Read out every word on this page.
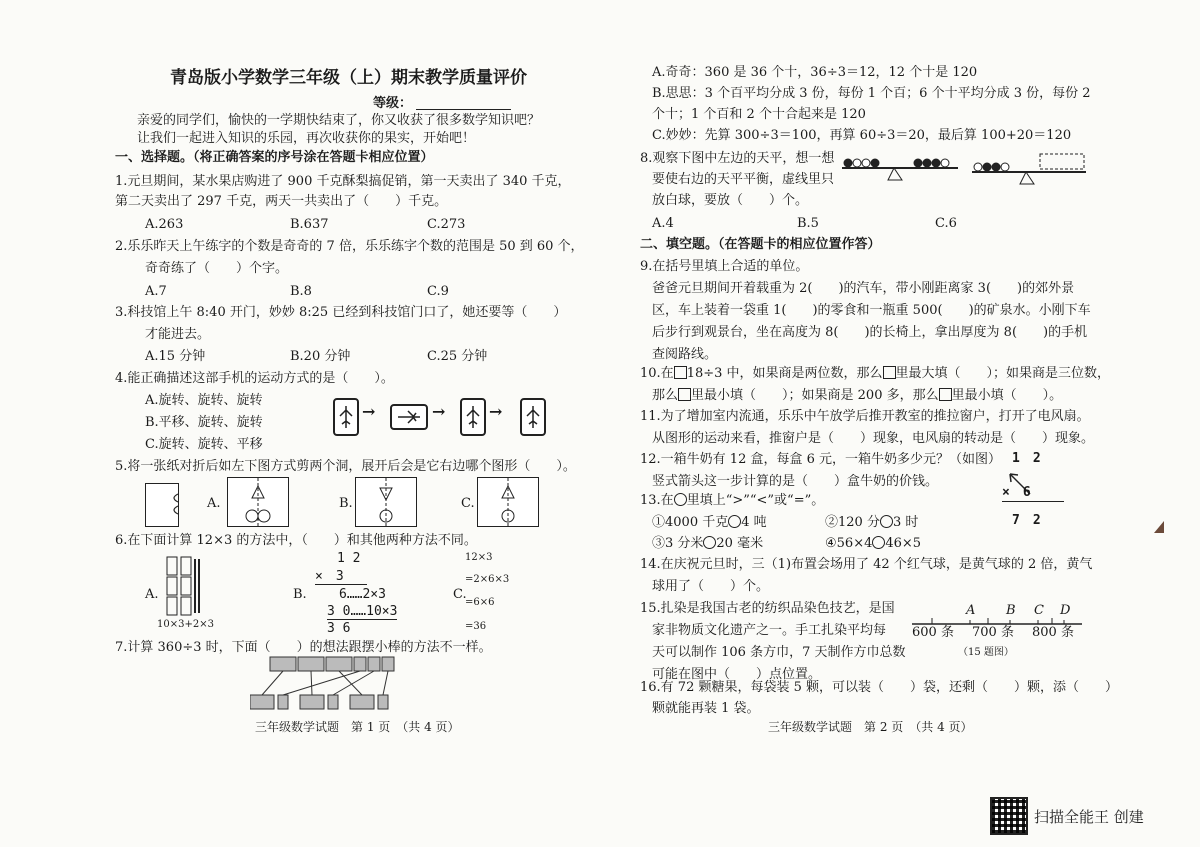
青岛版小学数学三年级（上）期末教学质量评价
等级：
亲爱的同学们，愉快的一学期快结束了，你又收获了很多数学知识吧？
让我们一起进入知识的乐园，再次收获你的果实，开始吧！
一、选择题。（将正确答案的序号涂在答题卡相应位置）
1.元旦期间，某水果店购进了 900 千克酥梨搞促销，第一天卖出了 340 千克，
第二天卖出了 297 千克，两天一共卖出了（　　）千克。
A.263	B.637	C.273
2.乐乐昨天上午练字的个数是奇奇的 7 倍，乐乐练字个数的范围是 50 到 60 个，
奇奇练了（　　）个字。
A.7	B.8	C.9
3.科技馆上午 8:40 开门，妙妙 8:25 已经到科技馆门口了，她还要等（　　）
才能进去。
A.15 分钟	B.20 分钟	C.25 分钟
4.能正确描述这部手机的运动方式的是（　　）。
A.旋转、旋转、旋转
B.平移、旋转、旋转
C.旋转、旋转、平移
→	→	→
5.将一张纸对折后如左下图方式剪两个洞，展开后会是它右边哪个图形（　　）。
A.	B.	C.
6.在下面计算 12×3 的方法中，（　　）和其他两种方法不同。
A.
10×3+2×3
B.
1 2
×　3
6……2×3
3 0……10×3
3 6
C.
12×3
=2×6×3
=6×6
=36
7.计算 360÷3 时，下面（　　）的想法跟摆小棒的方法不一样。
三年级数学试题　第 1 页　（共 4 页）
A.奇奇：360 是 36 个十，36÷3＝12，12 个十是 120
B.思思：3 个百平均分成 3 份，每份 1 个百；6 个十平均分成 3 份，每份 2
个十；1 个百和 2 个十合起来是 120
C.妙妙：先算 300÷3＝100，再算 60÷3＝20，最后算 100+20＝120
8.观察下图中左边的天平，想一想
要使右边的天平平衡，虚线里只
放白球，要放（　　）个。
A.4	B.5	C.6
二、填空题。（在答题卡的相应位置作答）
9.在括号里填上合适的单位。
爸爸元旦期间开着载重为 2(　　)的汽车，带小刚距离家 3(　　)的郊外景
区，车上装着一袋重 1(　　)的零食和一瓶重 500(　　)的矿泉水。小刚下车
后步行到观景台，坐在高度为 8(　　)的长椅上，拿出厚度为 8(　　)的手机
查阅路线。
10.在 18÷3 中，如果商是两位数，那么 里最大填（　　）；如果商是三位数，
那么 里最小填（　　）；如果商是 200 多，那么 里最小填（　　）。
11.为了增加室内流通，乐乐中午放学后推开教室的推拉窗户，打开了电风扇。
从图形的运动来看，推窗户是（　　）现象，电风扇的转动是（　　）现象。
12.一箱牛奶有 12 盒，每盒 6 元，一箱牛奶多少元？（如图）
竖式箭头这一步计算的是（　　）盒牛奶的价钱。
1　2
×　6
7　2
13.在 里填上“>”“<”或“=”。
①4000 千克 4 吨	②120 分 3 时
③3 分米 20 毫米	④56×4 46×5
14.在庆祝元旦时，三（1)布置会场用了 42 个红气球，是黄气球的 2 倍，黄气
球用了（　　）个。
15.扎染是我国古老的纺织品染色技艺，是国
家非物质文化遗产之一。手工扎染平均每
天可以制作 106 条方巾，7 天制作方巾总数
可能在图中（　　）点位置。
A B C D
600 条 700 条 800 条
（15 题图）
16.有 72 颗糖果，每袋装 5 颗，可以装（　　）袋，还剩（　　）颗，添（　　）
颗就能再装 1 袋。
三年级数学试题　第 2 页　（共 4 页）
扫描全能王 创建
